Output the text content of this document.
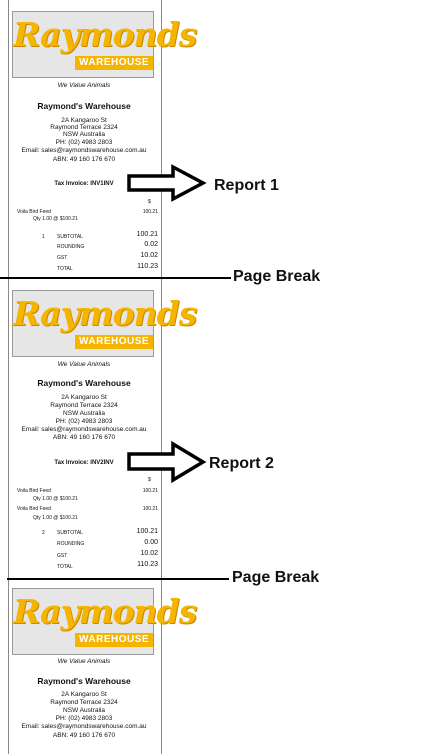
Raymonds
WAREHOUSE
We Value Animals
Raymond's Warehouse
2A Kangaroo St
Raymond Terrace 2324
NSW Australia
PH: (02) 4983 2803
Email: sales@raymondswarehouse.com.au
ABN: 49 160 176 670
Tax Invoice: INV1INV
$
Voila Bird Feed	100.21
Qty 1.00 @ $100.21
1 SUBTOTAL	100.21
ROUNDING	0.02
GST	10.02
TOTAL	110.23
Report 1
Page Break
Raymonds
WAREHOUSE
We Value Animals
Raymond's Warehouse
2A Kangaroo St
Raymond Terrace 2324
NSW Australia
PH: (02) 4983 2803
Email: sales@raymondswarehouse.com.au
ABN: 49 160 176 670
Tax Invoice: INV2INV
$
Voila Bird Feed	100.21
Qty 1.00 @ $100.21
Voila Bird Feed	100.21
Qty 1.00 @ $100.21
2 SUBTOTAL	100.21
ROUNDING	0.00
GST	10.02
TOTAL	110.23
Report 2
Page Break
Raymonds
WAREHOUSE
We Value Animals
Raymond's Warehouse
2A Kangaroo St
Raymond Terrace 2324
NSW Australia
PH: (02) 4983 2803
Email: sales@raymondswarehouse.com.au
ABN: 49 160 176 670
